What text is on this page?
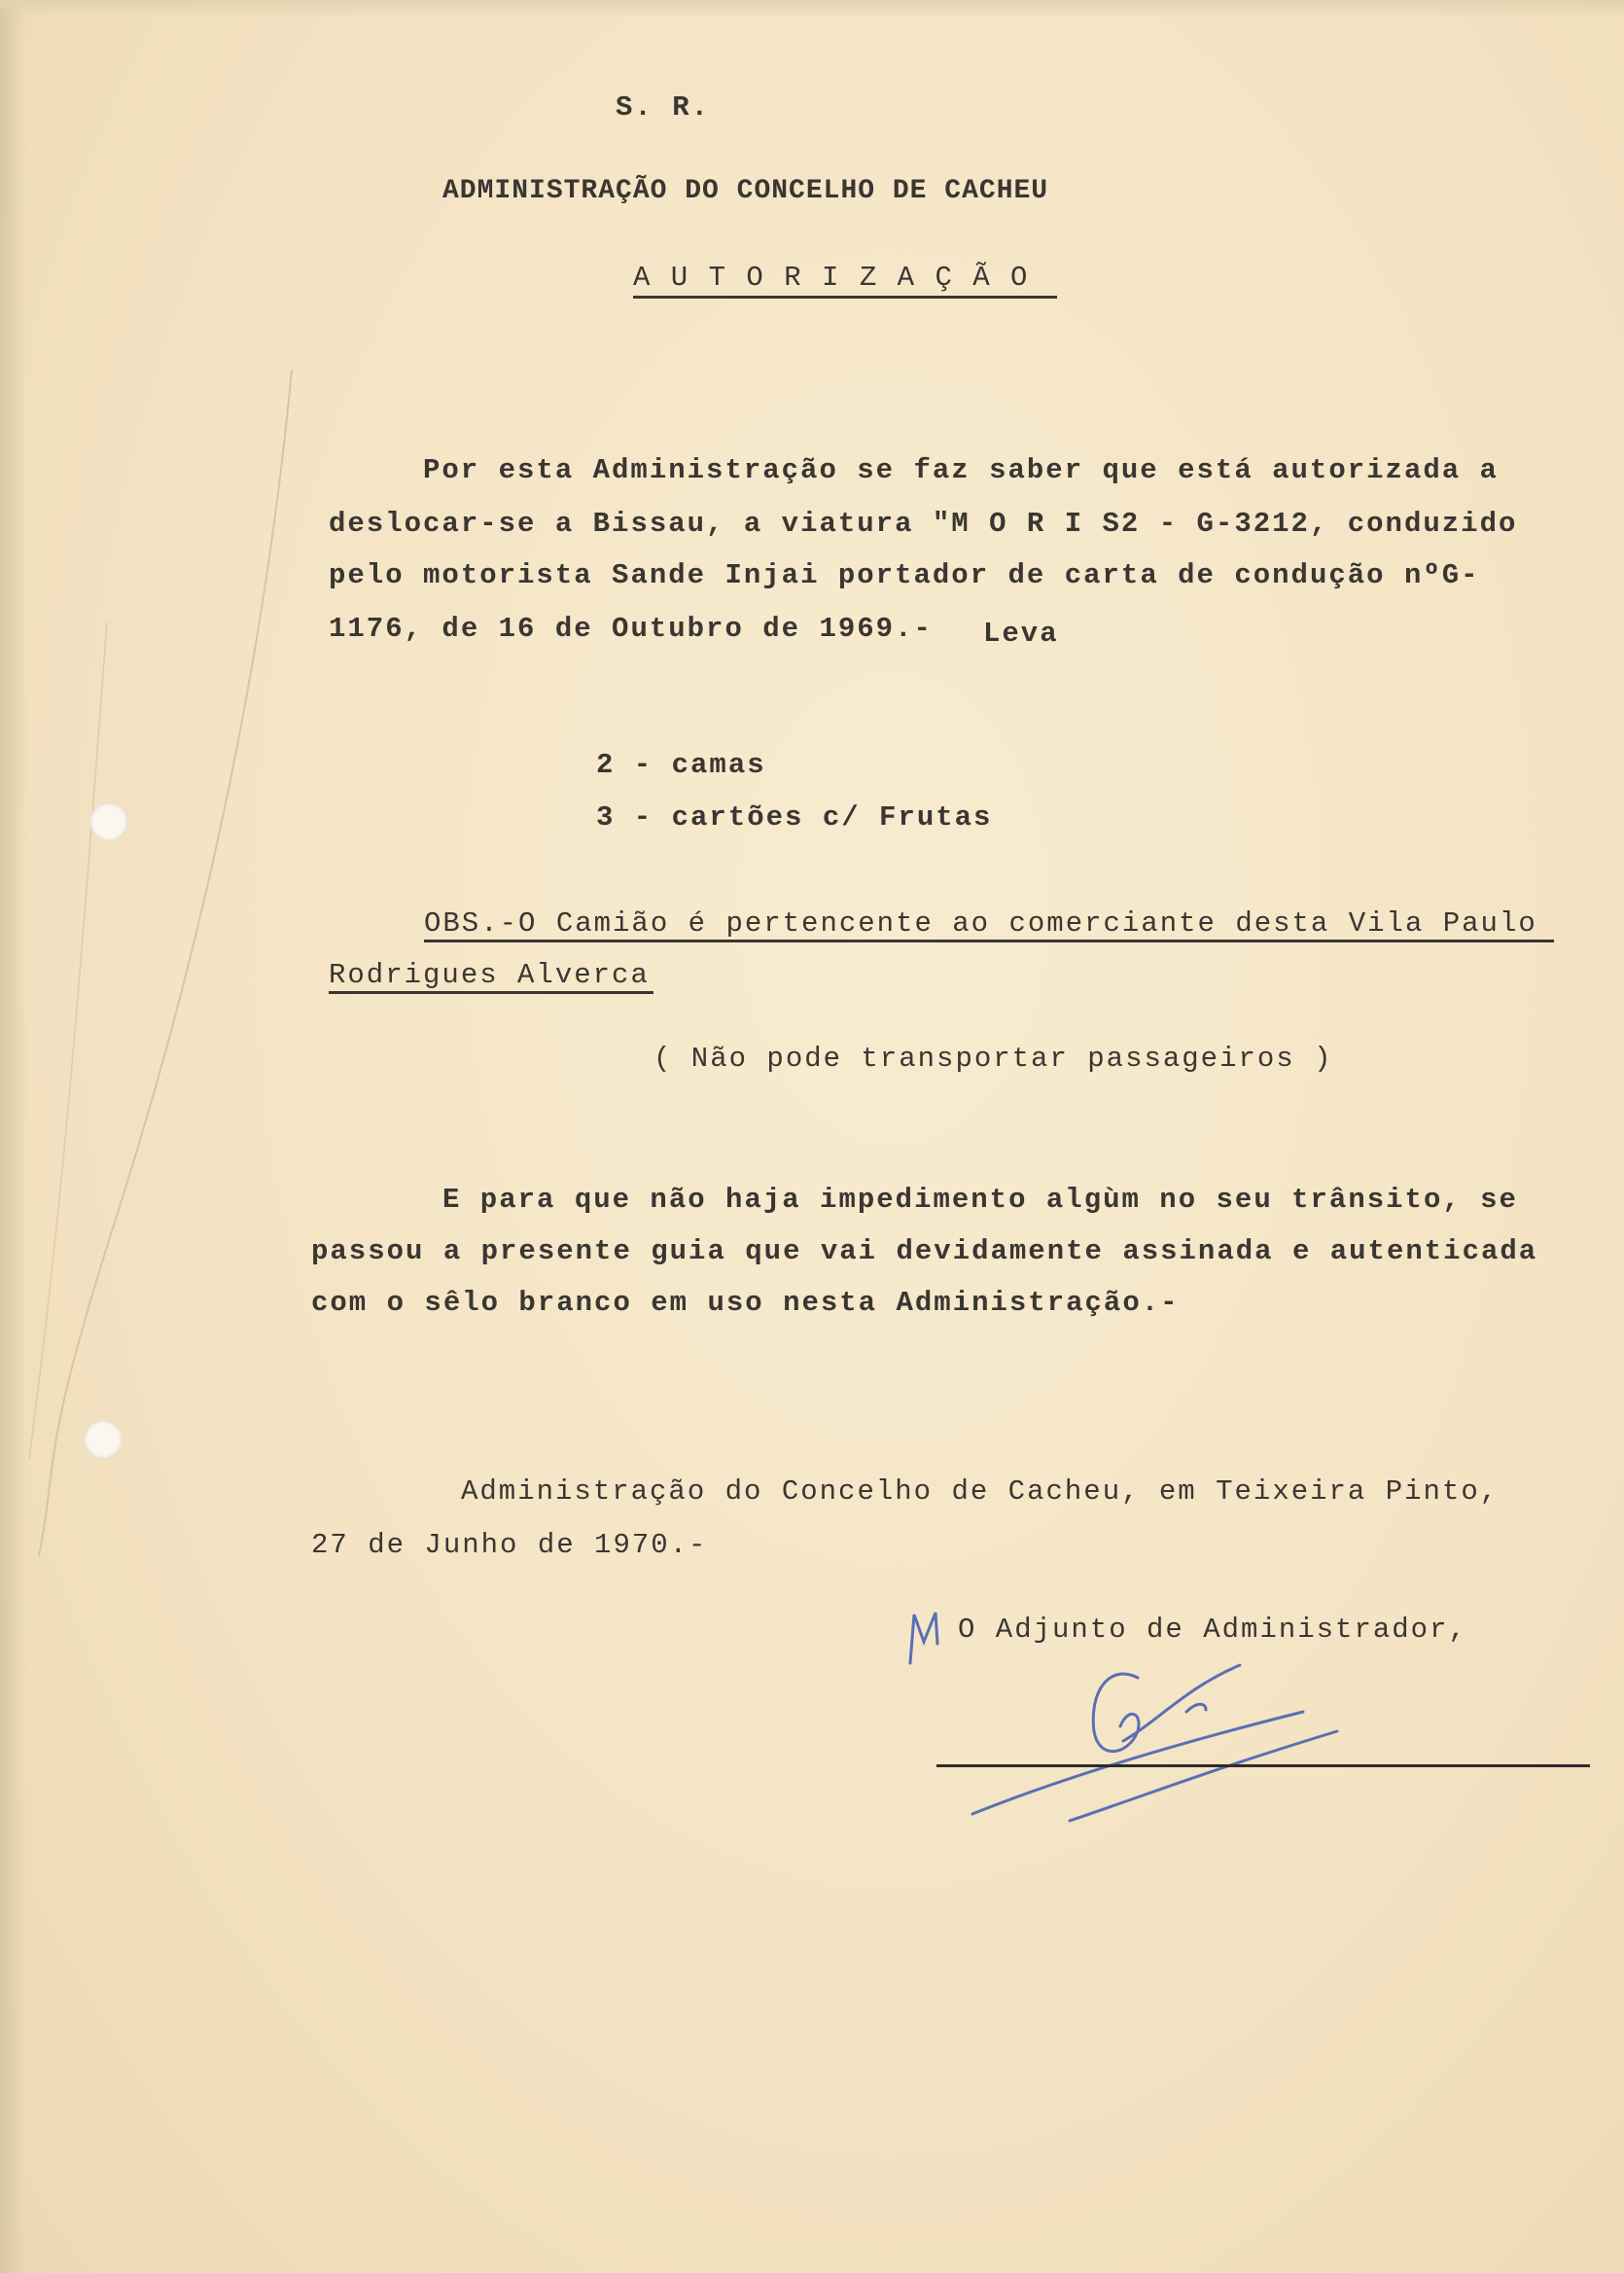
S. R.
ADMINISTRAÇÃO DO CONCELHO DE CACHEU
A U T O R I Z A Ç Ã O
Por esta Administração se faz saber que está autorizada a
deslocar-se a Bissau, a viatura "M O R I S2 - G-3212, conduzido
pelo motorista Sande Injai portador de carta de condução nºG-
1176, de 16 de Outubro de 1969.- Leva
2 - camas
3 - cartões c/ Frutas
OBS.-O Camião é pertencente ao comerciante desta Vila Paulo
Rodrigues Alverca
( Não pode transportar passageiros )
E para que não haja impedimento algùm no seu trânsito, se
passou a presente guia que vai devidamente assinada e autenticada
com o sêlo branco em uso nesta Administração.-
Administração do Concelho de Cacheu, em Teixeira Pinto,
27 de Junho de 1970.-
O Adjunto de Administrador,
